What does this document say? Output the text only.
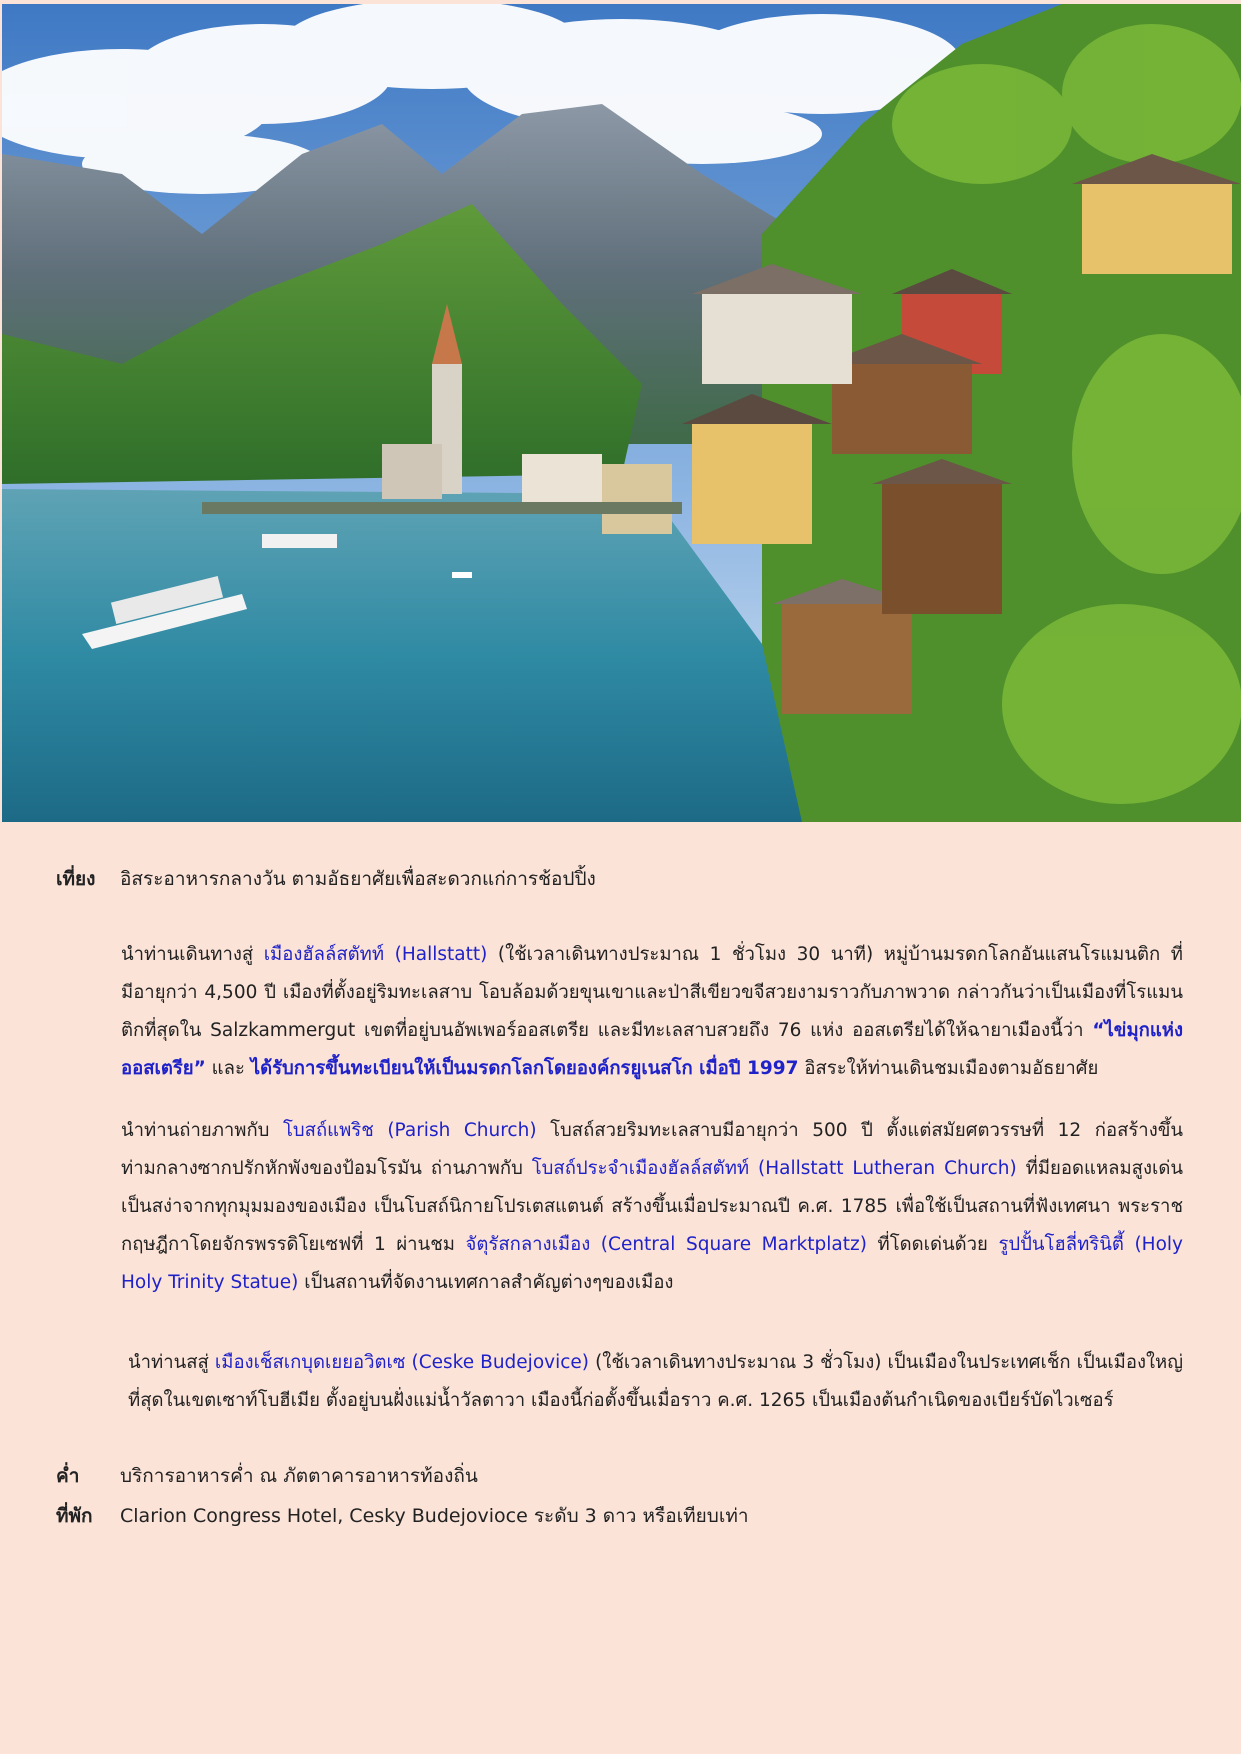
เที่ยง อิสระอาหารกลางวัน ตามอัธยาศัยเพื่อสะดวกแก่การช้อปปิ้ง
นำท่านเดินทางสู่ เมืองฮัลล์สตัทท์ (Hallstatt) (ใช้เวลาเดินทางประมาณ 1 ชั่วโมง 30 นาที) หมู่บ้านมรดกโลกอันแสนโรแมนติก ที่มีอายุกว่า 4,500 ปี เมืองที่ตั้งอยู่ริมทะเลสาบ โอบล้อมด้วยขุนเขาและป่าสีเขียวขจีสวยงามราวกับภาพวาด กล่าวกันว่าเป็นเมืองที่โรแมนติกที่สุดใน Salzkammergut เขตที่อยู่บนอัพเพอร์ออสเตรีย และมีทะเลสาบสวยถึง 76 แห่ง ออสเตรียได้ให้ฉายาเมืองนี้ว่า “ไข่มุกแห่งออสเตรีย” และ ได้รับการขึ้นทะเบียนให้เป็นมรดกโลกโดยองค์กรยูเนสโก เมื่อปี 1997 อิสระให้ท่านเดินชมเมืองตามอัธยาศัย
นำท่านถ่ายภาพกับ โบสถ์แพริช (Parish Church) โบสถ์สวยริมทะเลสาบมีอายุกว่า 500 ปี ตั้งแต่สมัยศตวรรษที่ 12 ก่อสร้างขึ้นท่ามกลางซากปรักหักพังของป้อมโรมัน ถ่านภาพกับ โบสถ์ประจำเมืองฮัลล์สตัทท์ (Hallstatt Lutheran Church) ที่มียอดแหลมสูงเด่นเป็นสง่าจากทุกมุมมองของเมือง เป็นโบสถ์นิกายโปรเตสแตนต์ สร้างขึ้นเมื่อประมาณปี ค.ศ. 1785 เพื่อใช้เป็นสถานที่ฟังเทศนา พระราชกฤษฎีกาโดยจักรพรรดิโยเซฟที่ 1 ผ่านชม จัตุรัสกลางเมือง (Central Square Marktplatz) ที่โดดเด่นด้วย รูปปั้นโฮลี่ทรินิตี้ (Holy Holy Trinity Statue) เป็นสถานที่จัดงานเทศกาลสำคัญต่างๆของเมือง
นำท่านสสู่ เมืองเช็สเกบุดเยยอวิตเซ (Ceske Budejovice) (ใช้เวลาเดินทางประมาณ 3 ชั่วโมง) เป็นเมืองในประเทศเช็ก เป็นเมืองใหญ่ที่สุดในเขตเซาท์โบฮีเมีย ตั้งอยู่บนฝั่งแม่น้ำวัลตาวา เมืองนี้ก่อตั้งขึ้นเมื่อราว ค.ศ. 1265 เป็นเมืองต้นกำเนิดของเบียร์บัดไวเซอร์
ค่ำ บริการอาหารค่ำ ณ ภัตตาคารอาหารท้องถิ่น
ที่พัก Clarion Congress Hotel, Cesky Budejovioce ระดับ 3 ดาว หรือเทียบเท่า
